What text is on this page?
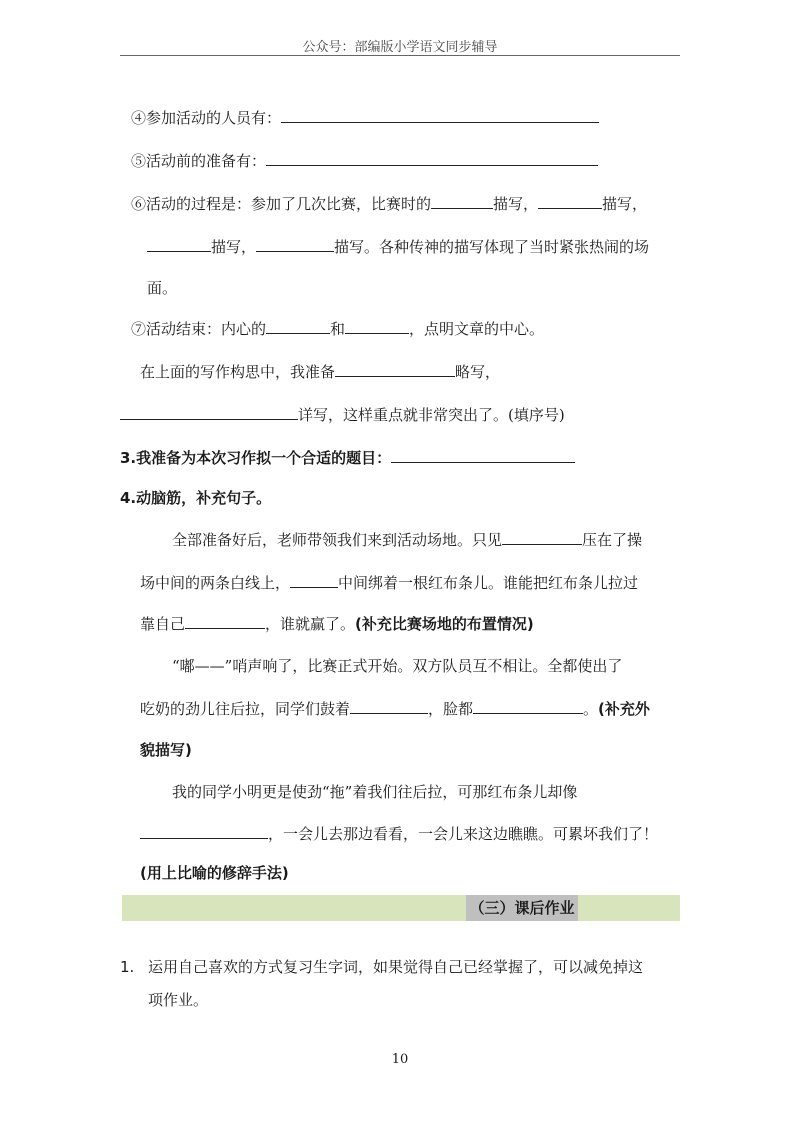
公众号：部编版小学语文同步辅导
④参加活动的人员有：
⑤活动前的准备有：
⑥活动的过程是：参加了几次比赛，比赛时的	描写，	描写，
描写，	描写。各种传神的描写体现了当时紧张热闹的场
面。
⑦活动结束：内心的	和	，点明文章的中心。
在上面的写作构思中，我准备	略写，
详写，这样重点就非常突出了。(填序号)
3.我准备为本次习作拟一个合适的题目：
4.动脑筋，补充句子。
全部准备好后，老师带领我们来到活动场地。只见	压在了操
场中间的两条白线上，	中间绑着一根红布条儿。谁能把红布条儿拉过
靠自己	，谁就赢了。(补充比赛场地的布置情况)
“嘟——”哨声响了，比赛正式开始。双方队员互不相让。全都使出了
吃奶的劲儿往后拉，同学们鼓着	，脸都	。(补充外
貌描写)
我的同学小明更是使劲“拖”着我们往后拉，可那红布条儿却像
，一会儿去那边看看，一会儿来这边瞧瞧。可累坏我们了！
(用上比喻的修辞手法)
（三）课后作业
1. 运用自己喜欢的方式复习生字词，如果觉得自己已经掌握了，可以减免掉这
项作业。
10
